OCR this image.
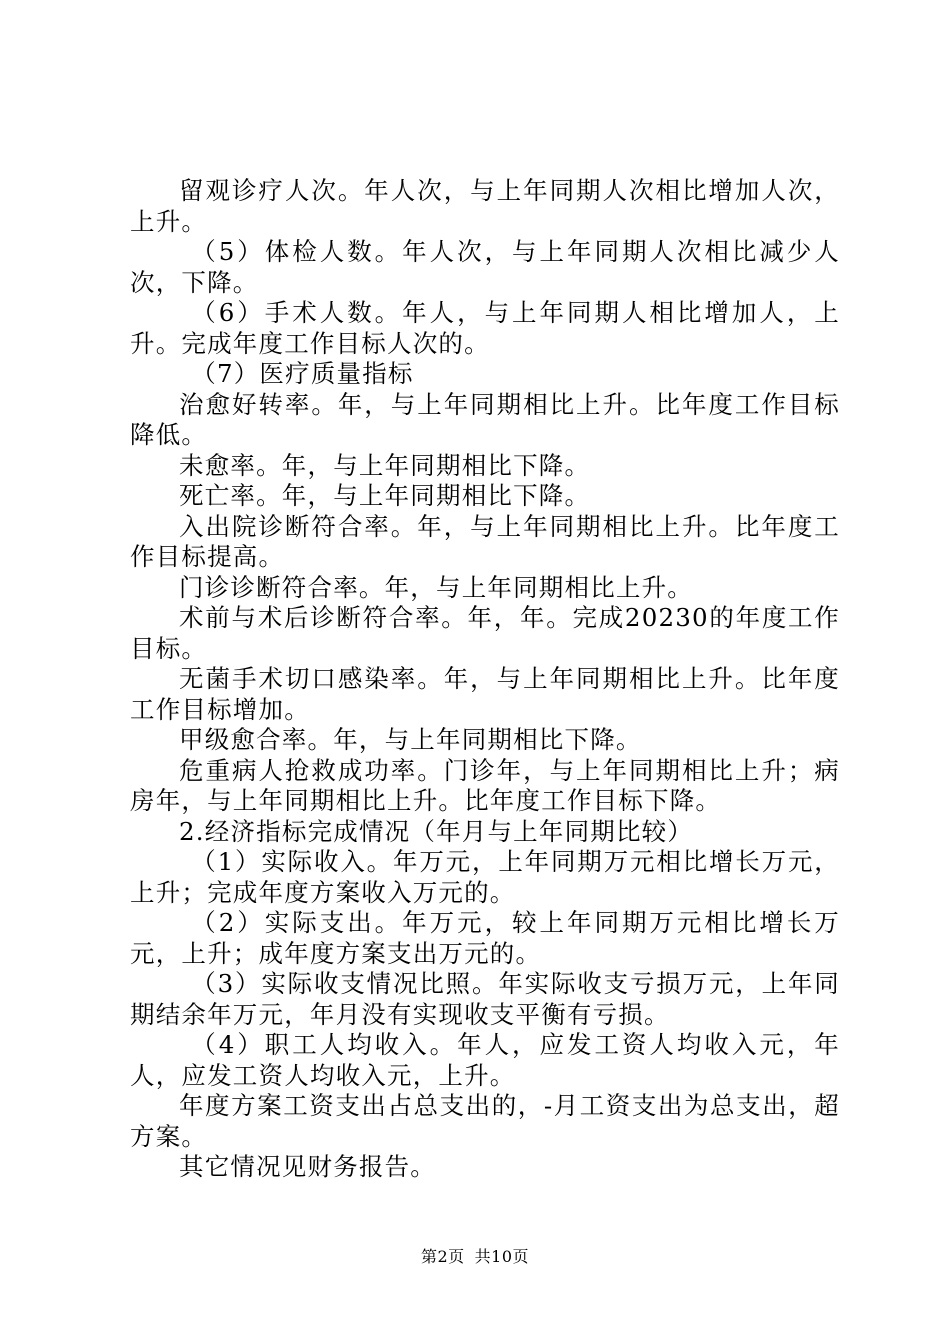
留观诊疗人次。年人次，与上年同期人次相比增加人次，上升。

（5）体检人数。年人次，与上年同期人次相比减少人次，下降。

（6）手术人数。年人，与上年同期人相比增加人，上升。完成年度工作目标人次的。

（7）医疗质量指标

治愈好转率。年，与上年同期相比上升。比年度工作目标降低。

未愈率。年，与上年同期相比下降。

死亡率。年，与上年同期相比下降。

入出院诊断符合率。年，与上年同期相比上升。比年度工作目标提高。

门诊诊断符合率。年，与上年同期相比上升。

术前与术后诊断符合率。年，年。完成20230的年度工作目标。

无菌手术切口感染率。年，与上年同期相比上升。比年度工作目标增加。

甲级愈合率。年，与上年同期相比下降。

危重病人抢救成功率。门诊年，与上年同期相比上升；病房年，与上年同期相比上升。比年度工作目标下降。

2.经济指标完成情况（年月与上年同期比较）

（1）实际收入。年万元，上年同期万元相比增长万元，上升；完成年度方案收入万元的。

（2）实际支出。年万元，较上年同期万元相比增长万元，上升；成年度方案支出万元的。

（3）实际收支情况比照。年实际收支亏损万元，上年同期结余年万元，年月没有实现收支平衡有亏损。

（4）职工人均收入。年人，应发工资人均收入元，年人，应发工资人均收入元，上升。

年度方案工资支出占总支出的，-月工资支出为总支出，超方案。

其它情况见财务报告。

第2页 共10页
